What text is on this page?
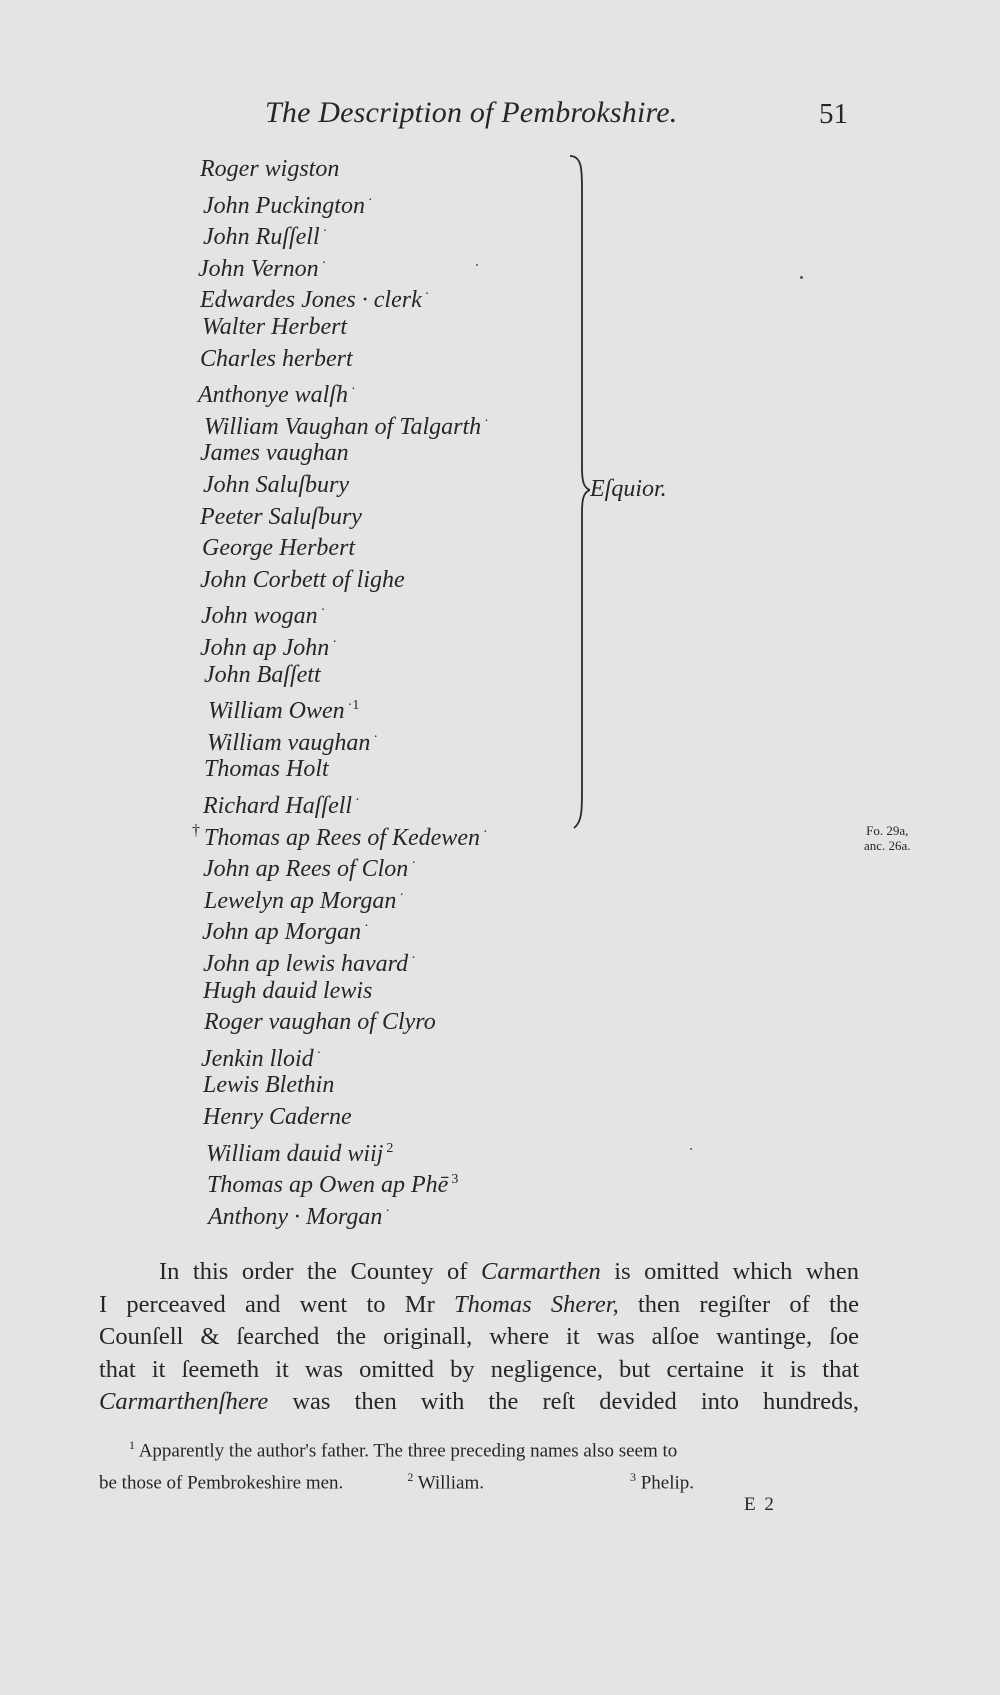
The Description of Pembrokshire.	51
Roger wigston
John Puckington ·
John Ruſſell ·
John Vernon ·
Edwardes Jones · clerk ·
Walter Herbert
Charles herbert
Anthonye walſh ·
William Vaughan of Talgarth ·
James vaughan
John Saluſbury
Peeter Saluſbury
George Herbert
John Corbett of lighe
John wogan ·
John ap John ·
John Baſſett
William Owen $^{\cdot 1}$
William vaughan ·
Thomas Holt
Richard Haſſell ·
† Thomas ap Rees of Kedewen ·
John ap Rees of Clon ·
Lewelyn ap Morgan ·
John ap Morgan ·
John ap lewis havard ·
Hugh dauid lewis
Roger vaughan of Clyro
Jenkin lloid ·
Lewis Blethin
Henry Caderne
William dauid wiij $^2$
Thomas ap Owen ap Phē $^3$
Anthony · Morgan ·
Eſquior.
Fo. 29a,
anc. 26a.
In this order the Countey of Carmarthen is omitted which when
I perceaved and went to Mr Thomas Sherer, then regiſter of the
Counſell & ſearched the originall, where it was alſoe wantinge, ſoe
that it ſeemeth it was omitted by negligence, but certaine it is that
Carmarthenſhere was then with the reſt devided into hundreds,
$^1$ Apparently the author's father. The three preceding names also seem to
be those of Pembrokeshire men.	$^2$ William.	$^3$ Phelip.
E 2
